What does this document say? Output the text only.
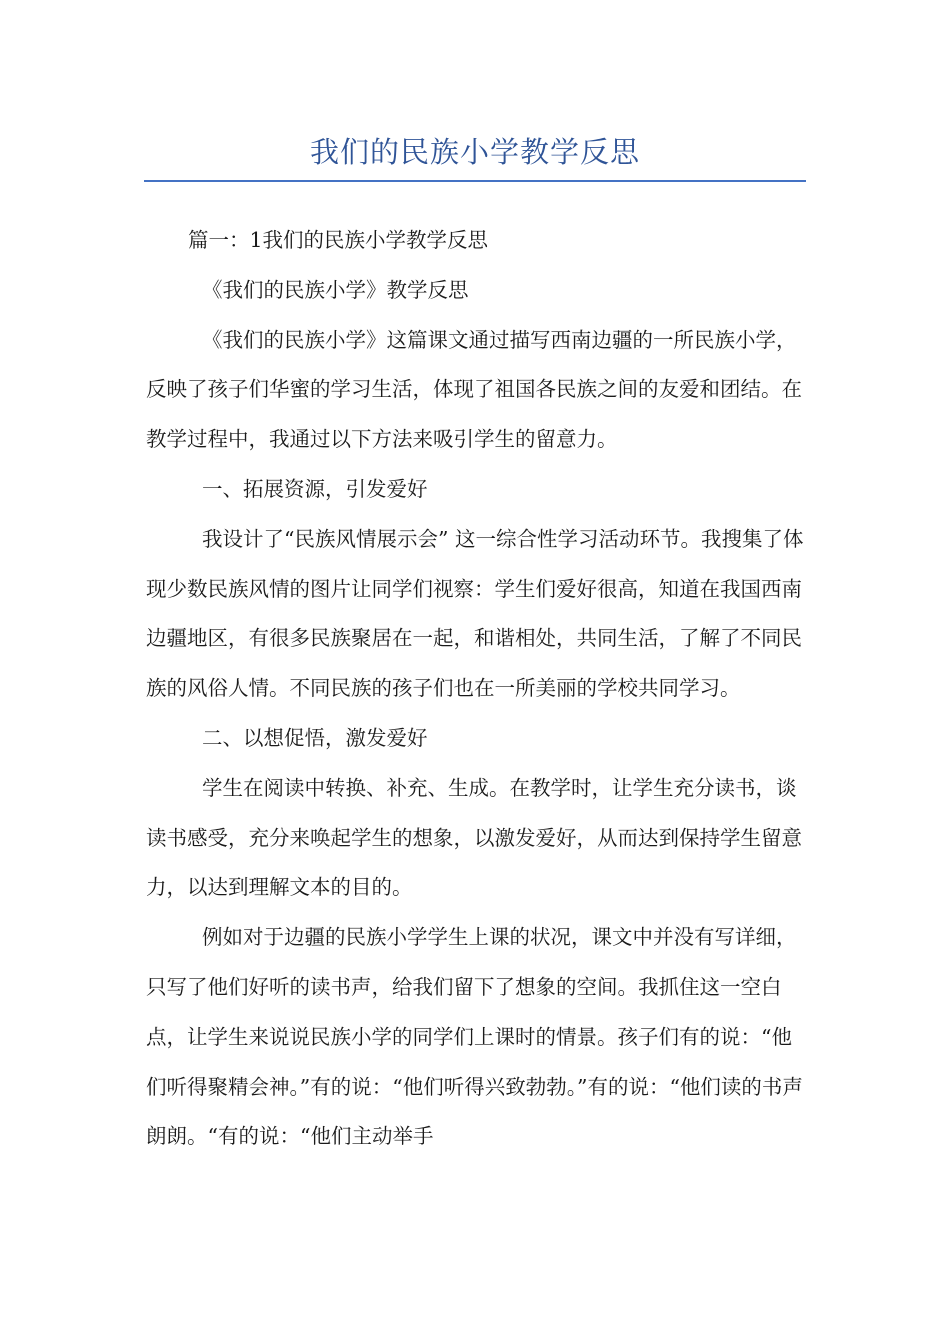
我们的民族小学教学反思

篇一：1我们的民族小学教学反思

《我们的民族小学》教学反思

《我们的民族小学》这篇课文通过描写西南边疆的一所民族小学，反映了孩子们华蜜的学习生活，体现了祖国各民族之间的友爱和团结。在教学过程中，我通过以下方法来吸引学生的留意力。

一、拓展资源，引发爱好

我设计了“民族风情展示会” 这一综合性学习活动环节。我搜集了体现少数民族风情的图片让同学们视察：学生们爱好很高，知道在我国西南边疆地区，有很多民族聚居在一起，和谐相处，共同生活，了解了不同民族的风俗人情。不同民族的孩子们也在一所美丽的学校共同学习。

二、以想促悟，激发爱好

学生在阅读中转换、补充、生成。在教学时，让学生充分读书，谈读书感受，充分来唤起学生的想象，以激发爱好，从而达到保持学生留意力，以达到理解文本的目的。

例如对于边疆的民族小学学生上课的状况，课文中并没有写详细，只写了他们好听的读书声，给我们留下了想象的空间。我抓住这一空白点，让学生来说说民族小学的同学们上课时的情景。孩子们有的说：“他们听得聚精会神。”有的说：“他们听得兴致勃勃。”有的说：“他们读的书声朗朗。“有的说：“他们主动举手
